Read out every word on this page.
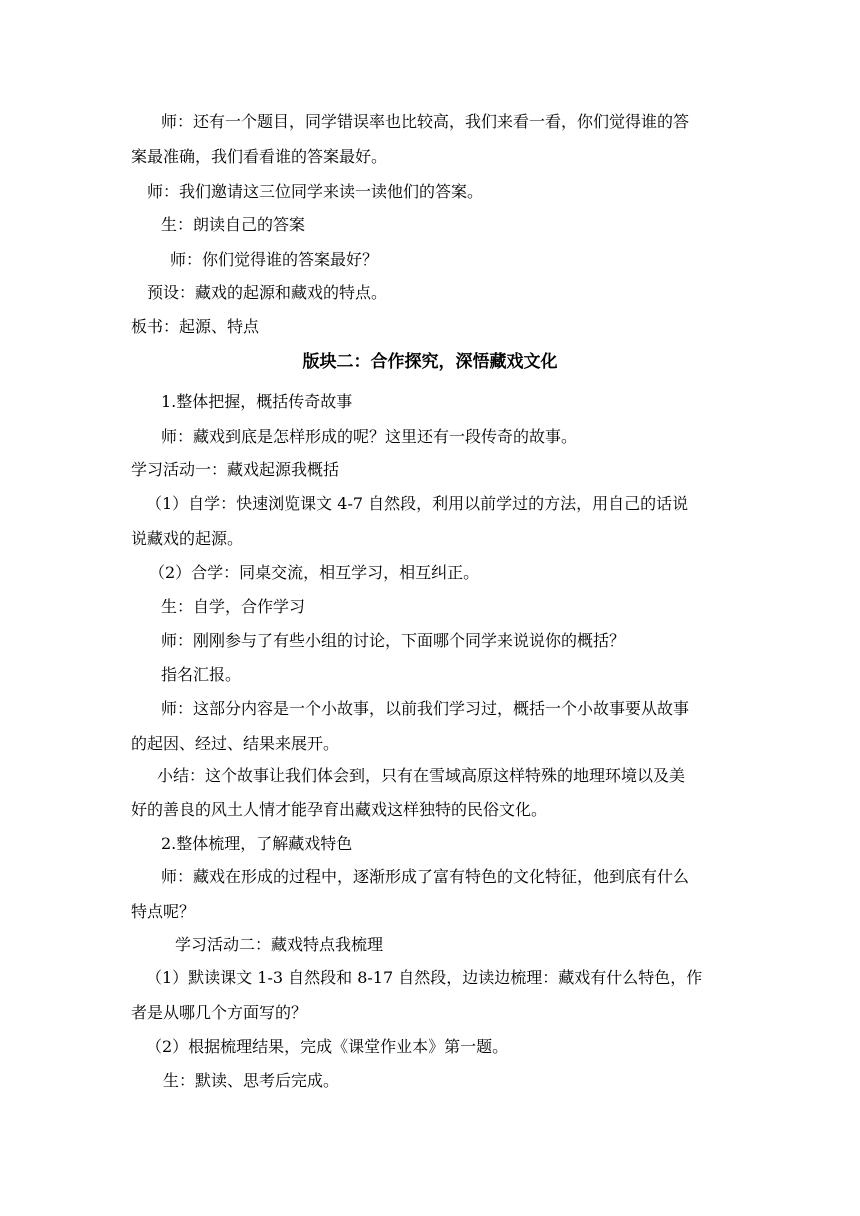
师：还有一个题目，同学错误率也比较高，我们来看一看，你们觉得谁的答
案最准确，我们看看谁的答案最好。
师：我们邀请这三位同学来读一读他们的答案。
生：朗读自己的答案
师：你们觉得谁的答案最好？
预设：藏戏的起源和藏戏的特点。
板书：起源、特点
版块二：合作探究，深悟藏戏文化
1.整体把握，概括传奇故事
师：藏戏到底是怎样形成的呢？这里还有一段传奇的故事。
学习活动一：藏戏起源我概括
（1）自学：快速浏览课文 4-7 自然段，利用以前学过的方法，用自己的话说
说藏戏的起源。
（2）合学：同桌交流，相互学习，相互纠正。
生：自学，合作学习
师：刚刚参与了有些小组的讨论，下面哪个同学来说说你的概括？
指名汇报。
师：这部分内容是一个小故事，以前我们学习过，概括一个小故事要从故事
的起因、经过、结果来展开。
小结：这个故事让我们体会到，只有在雪域高原这样特殊的地理环境以及美
好的善良的风土人情才能孕育出藏戏这样独特的民俗文化。
2.整体梳理，了解藏戏特色
师：藏戏在形成的过程中，逐渐形成了富有特色的文化特征，他到底有什么
特点呢？
学习活动二：藏戏特点我梳理
（1）默读课文 1-3 自然段和 8-17 自然段，边读边梳理：藏戏有什么特色，作
者是从哪几个方面写的？
（2）根据梳理结果，完成《课堂作业本》第一题。
生：默读、思考后完成。
